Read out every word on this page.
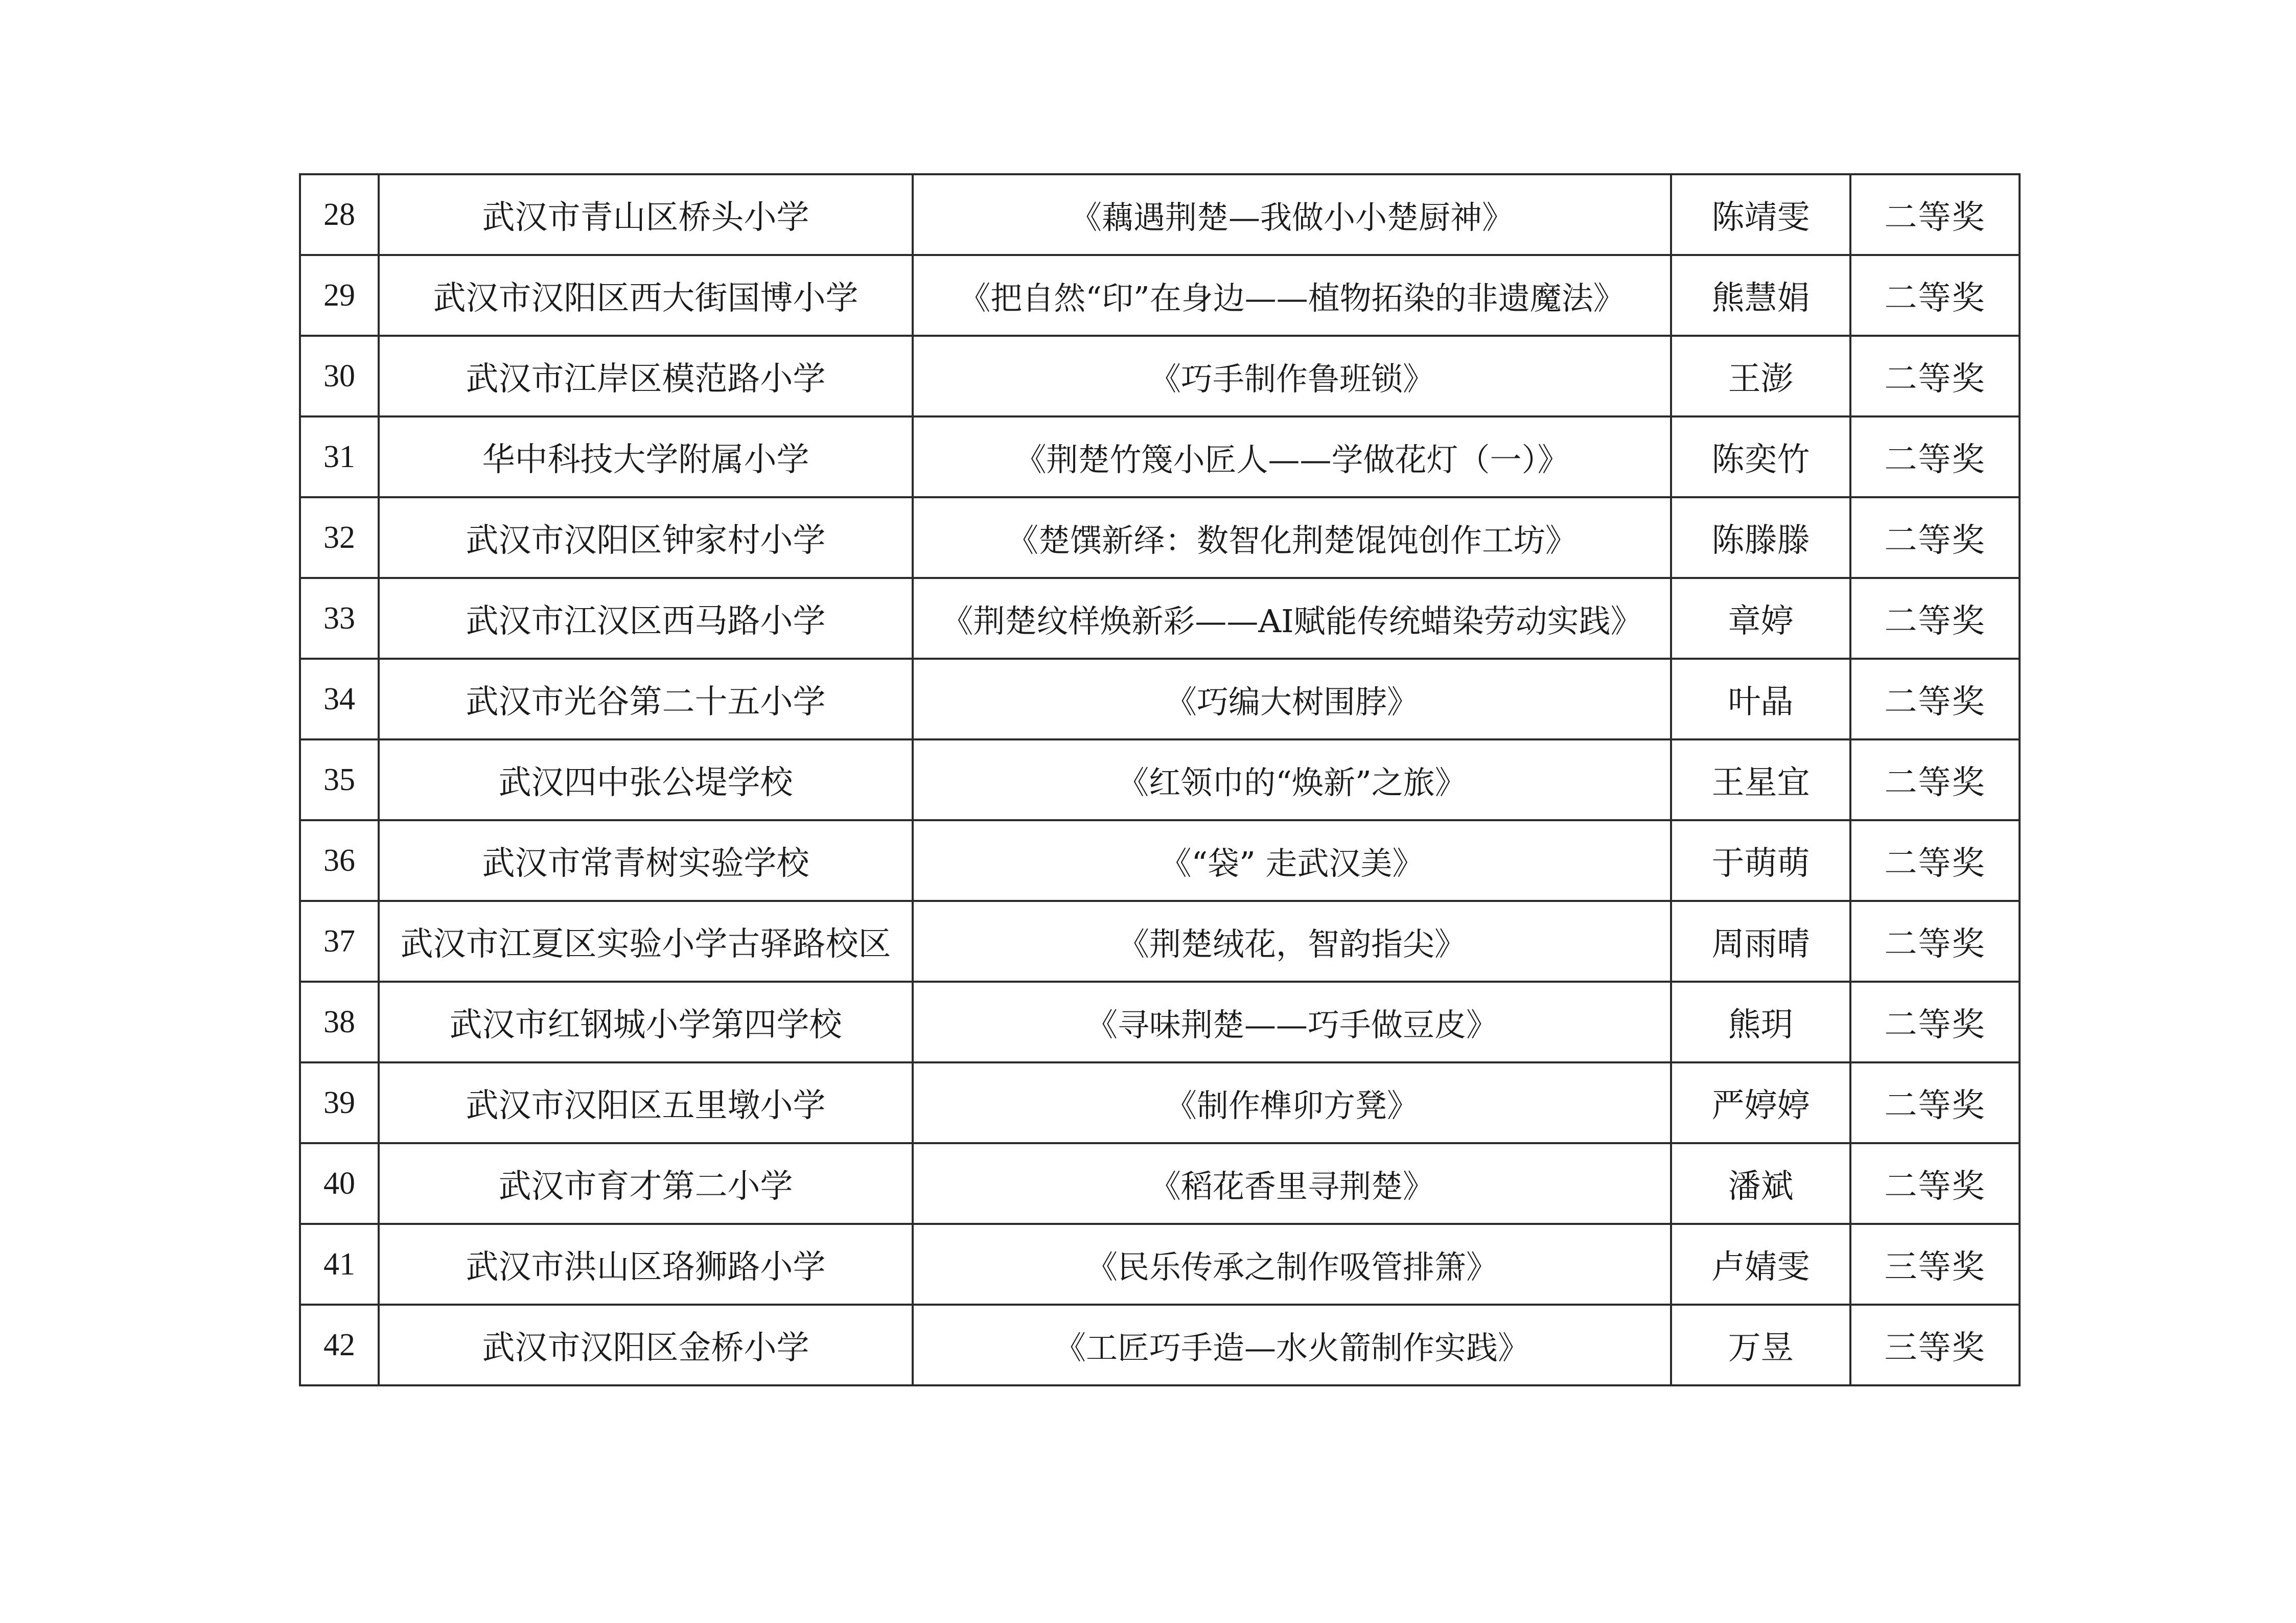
28	武汉市青山区桥头小学	《藕遇荆楚—我做小小楚厨神》	陈靖雯	二等奖
29	武汉市汉阳区西大街国博小学	《把自然“印”在身边——植物拓染的非遗魔法》	熊慧娟	二等奖
30	武汉市江岸区模范路小学	《巧手制作鲁班锁》	王澎	二等奖
31	华中科技大学附属小学	《荆楚竹篾小匠人——学做花灯（一）》	陈奕竹	二等奖
32	武汉市汉阳区钟家村小学	《楚馔新绎：数智化荆楚馄饨创作工坊》	陈滕滕	二等奖
33	武汉市江汉区西马路小学	《荆楚纹样焕新彩——AI赋能传统蜡染劳动实践》	章婷	二等奖
34	武汉市光谷第二十五小学	《巧编大树围脖》	叶晶	二等奖
35	武汉四中张公堤学校	《红领巾的“焕新”之旅》	王星宜	二等奖
36	武汉市常青树实验学校	《“袋” 走武汉美》	于萌萌	二等奖
37	武汉市江夏区实验小学古驿路校区	《荆楚绒花，智韵指尖》	周雨晴	二等奖
38	武汉市红钢城小学第四学校	《寻味荆楚——巧手做豆皮》	熊玥	二等奖
39	武汉市汉阳区五里墩小学	《制作榫卯方凳》	严婷婷	二等奖
40	武汉市育才第二小学	《稻花香里寻荆楚》	潘斌	二等奖
41	武汉市洪山区珞狮路小学	《民乐传承之制作吸管排箫》	卢婧雯	三等奖
42	武汉市汉阳区金桥小学	《工匠巧手造—水火箭制作实践》	万昱	三等奖
